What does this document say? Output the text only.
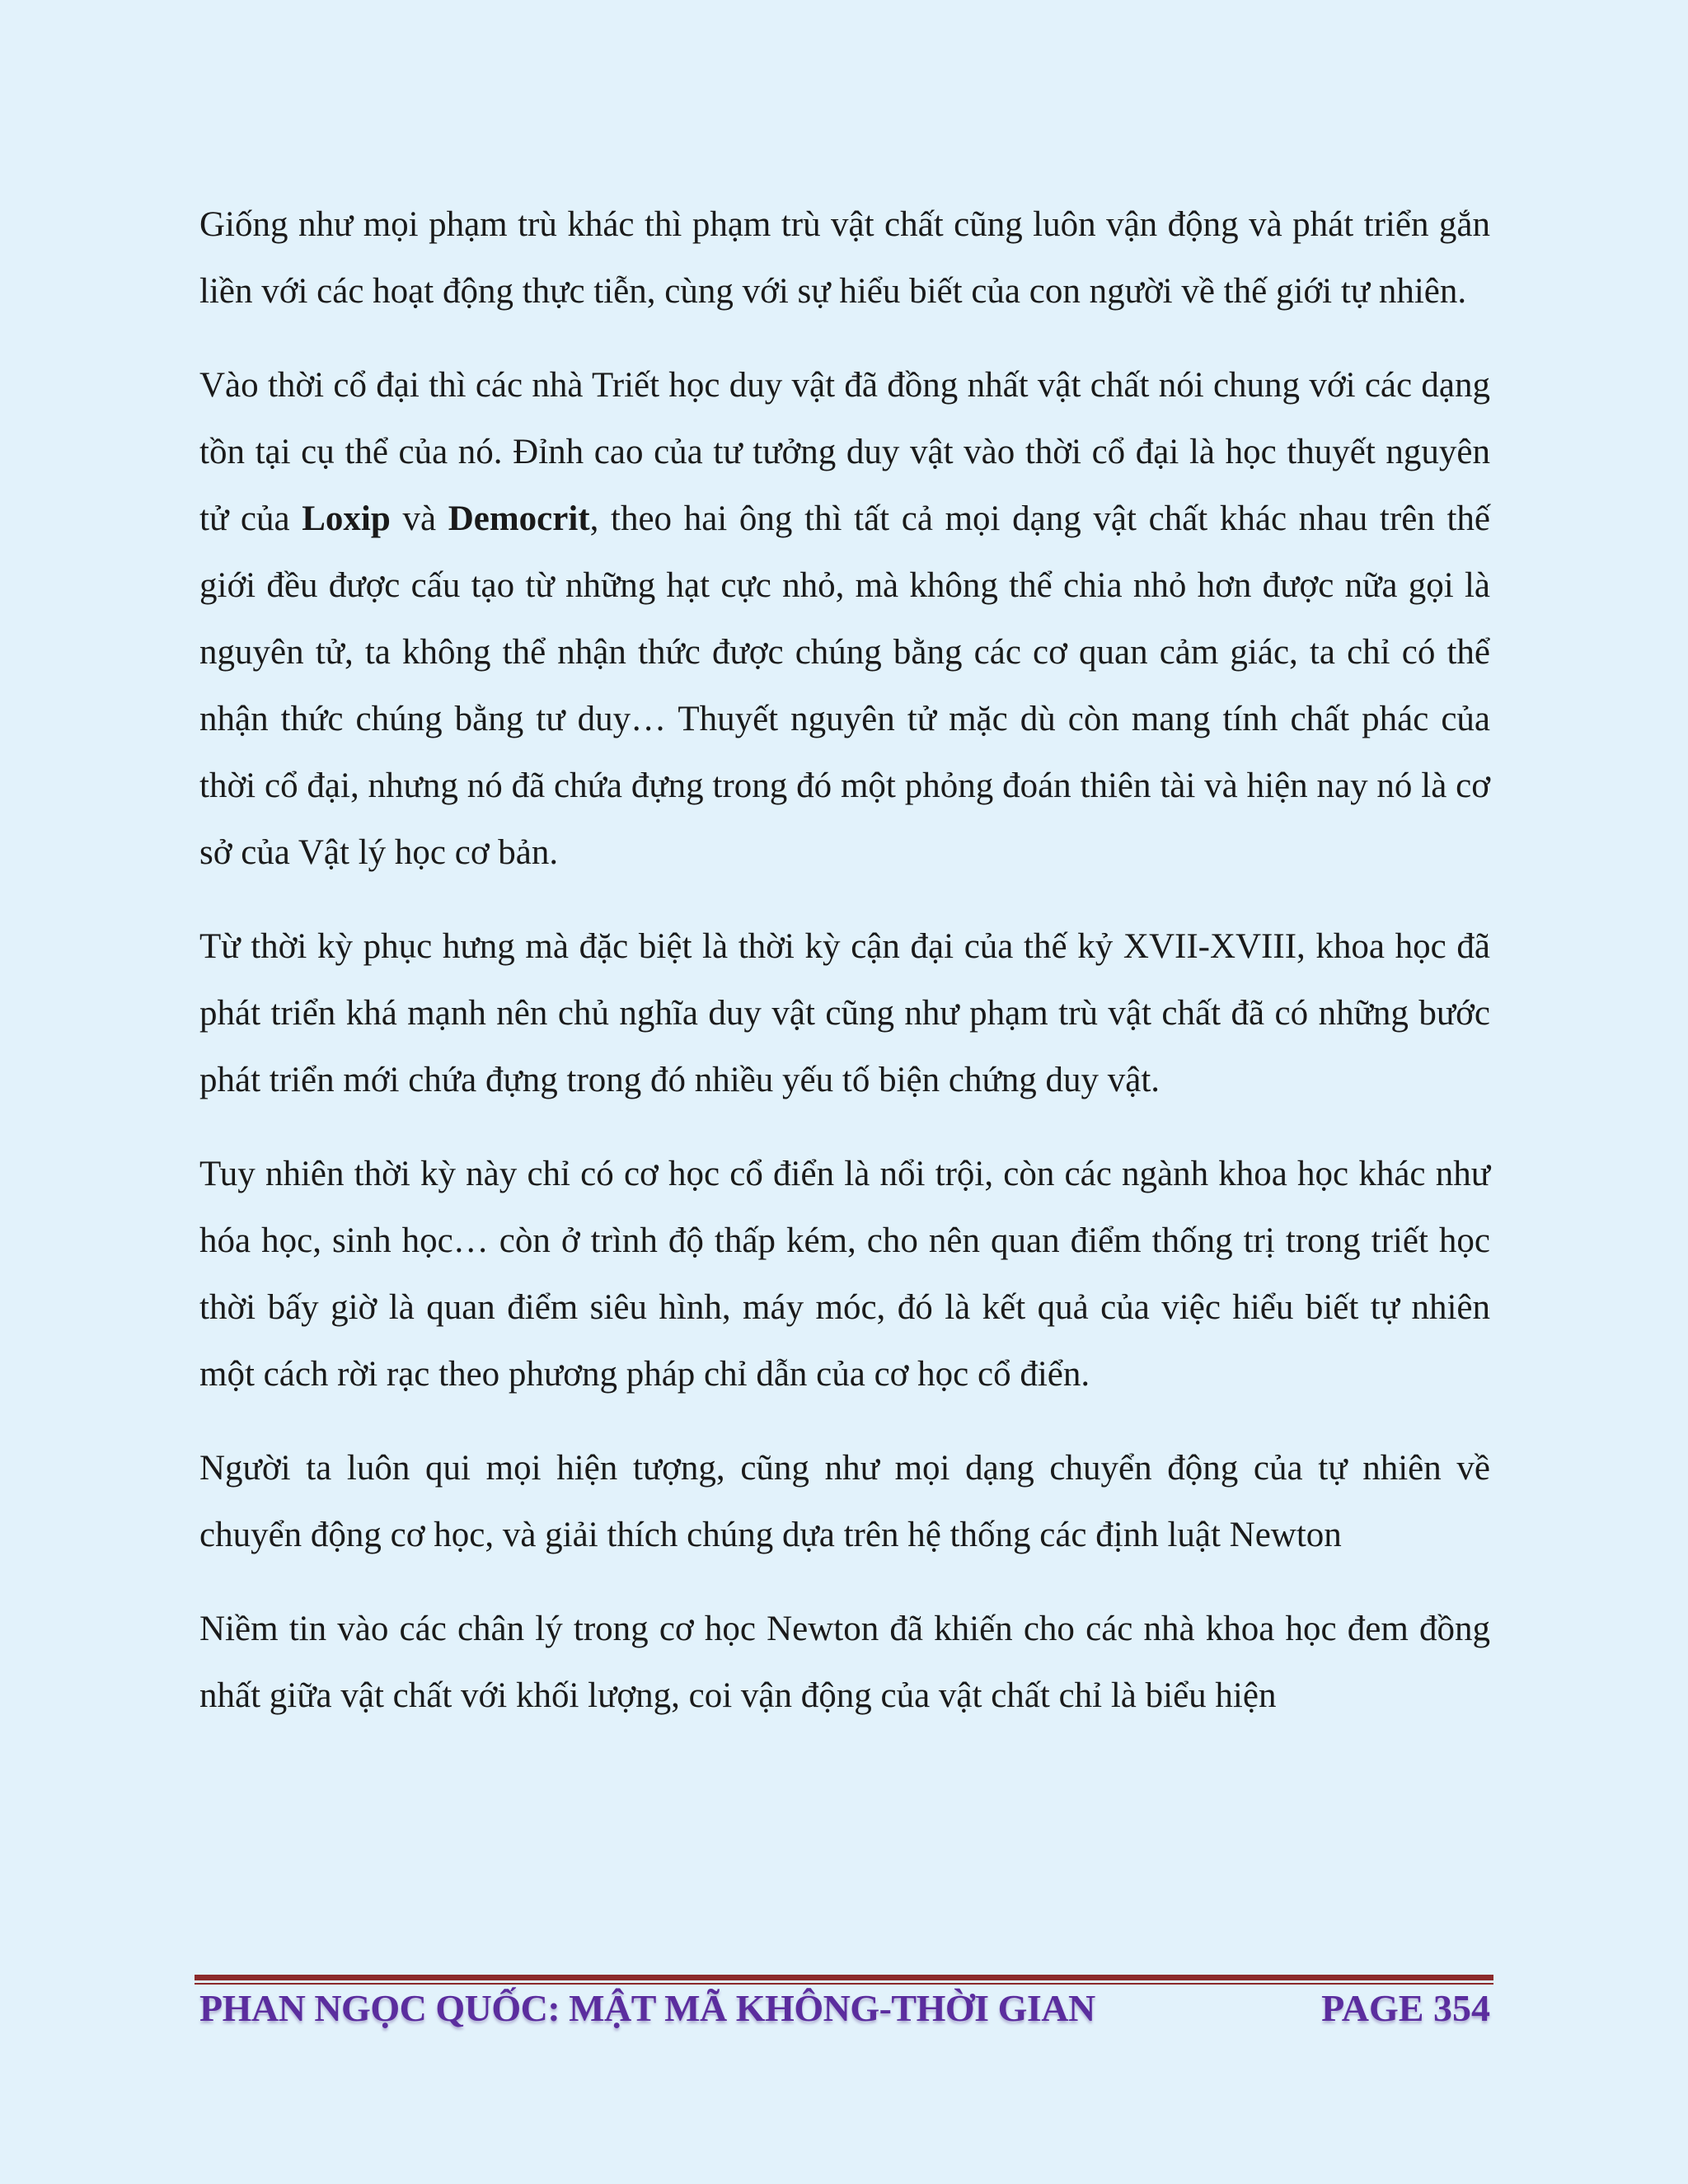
Giống như mọi phạm trù khác thì phạm trù vật chất cũng luôn vận động và phát triển gắn liền với các hoạt động thực tiễn, cùng với sự hiểu biết của con người về thế giới tự nhiên.

Vào thời cổ đại thì các nhà Triết học duy vật đã đồng nhất vật chất nói chung với các dạng tồn tại cụ thể của nó. Đỉnh cao của tư tưởng duy vật vào thời cổ đại là học thuyết nguyên tử của Loxip và Democrit, theo hai ông thì tất cả mọi dạng vật chất khác nhau trên thế giới đều được cấu tạo từ những hạt cực nhỏ, mà không thể chia nhỏ hơn được nữa gọi là nguyên tử, ta không thể nhận thức được chúng bằng các cơ quan cảm giác, ta chỉ có thể nhận thức chúng bằng tư duy… Thuyết nguyên tử mặc dù còn mang tính chất phác của thời cổ đại, nhưng nó đã chứa đựng trong đó một phỏng đoán thiên tài và hiện nay nó là cơ sở của Vật lý học cơ bản.

Từ thời kỳ phục hưng mà đặc biệt là thời kỳ cận đại của thế kỷ XVII-XVIII, khoa học đã phát triển khá mạnh nên chủ nghĩa duy vật cũng như phạm trù vật chất đã có những bước phát triển mới chứa đựng trong đó nhiều yếu tố biện chứng duy vật.

Tuy nhiên thời kỳ này chỉ có cơ học cổ điển là nổi trội, còn các ngành khoa học khác như hóa học, sinh học… còn ở trình độ thấp kém, cho nên quan điểm thống trị trong triết học thời bấy giờ là quan điểm siêu hình, máy móc, đó là kết quả của việc hiểu biết tự nhiên một cách rời rạc theo phương pháp chỉ dẫn của cơ học cổ điển.

Người ta luôn qui mọi hiện tượng, cũng như mọi dạng chuyển động của tự nhiên về chuyển động cơ học, và giải thích chúng dựa trên hệ thống các định luật Newton

Niềm tin vào các chân lý trong cơ học Newton đã khiến cho các nhà khoa học đem đồng nhất giữa vật chất với khối lượng, coi vận động của vật chất chỉ là biểu hiện

PHAN NGỌC QUỐC: MẬT MÃ KHÔNG-THỜI GIAN	PAGE 354
